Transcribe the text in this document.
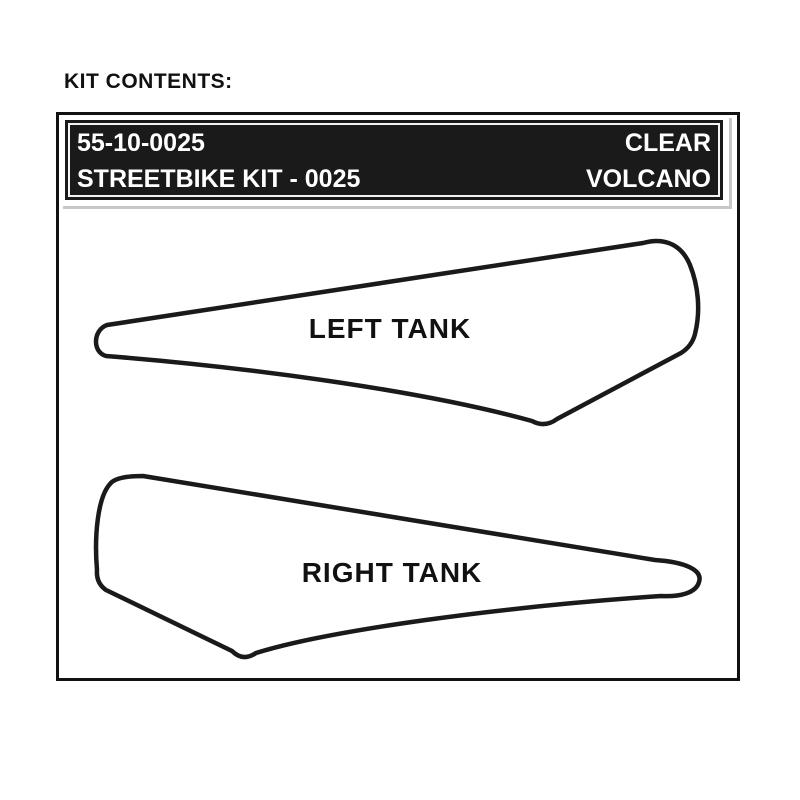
KIT CONTENTS:
55-10-0025	CLEAR
STREETBIKE KIT - 0025	VOLCANO
LEFT TANK
RIGHT TANK
